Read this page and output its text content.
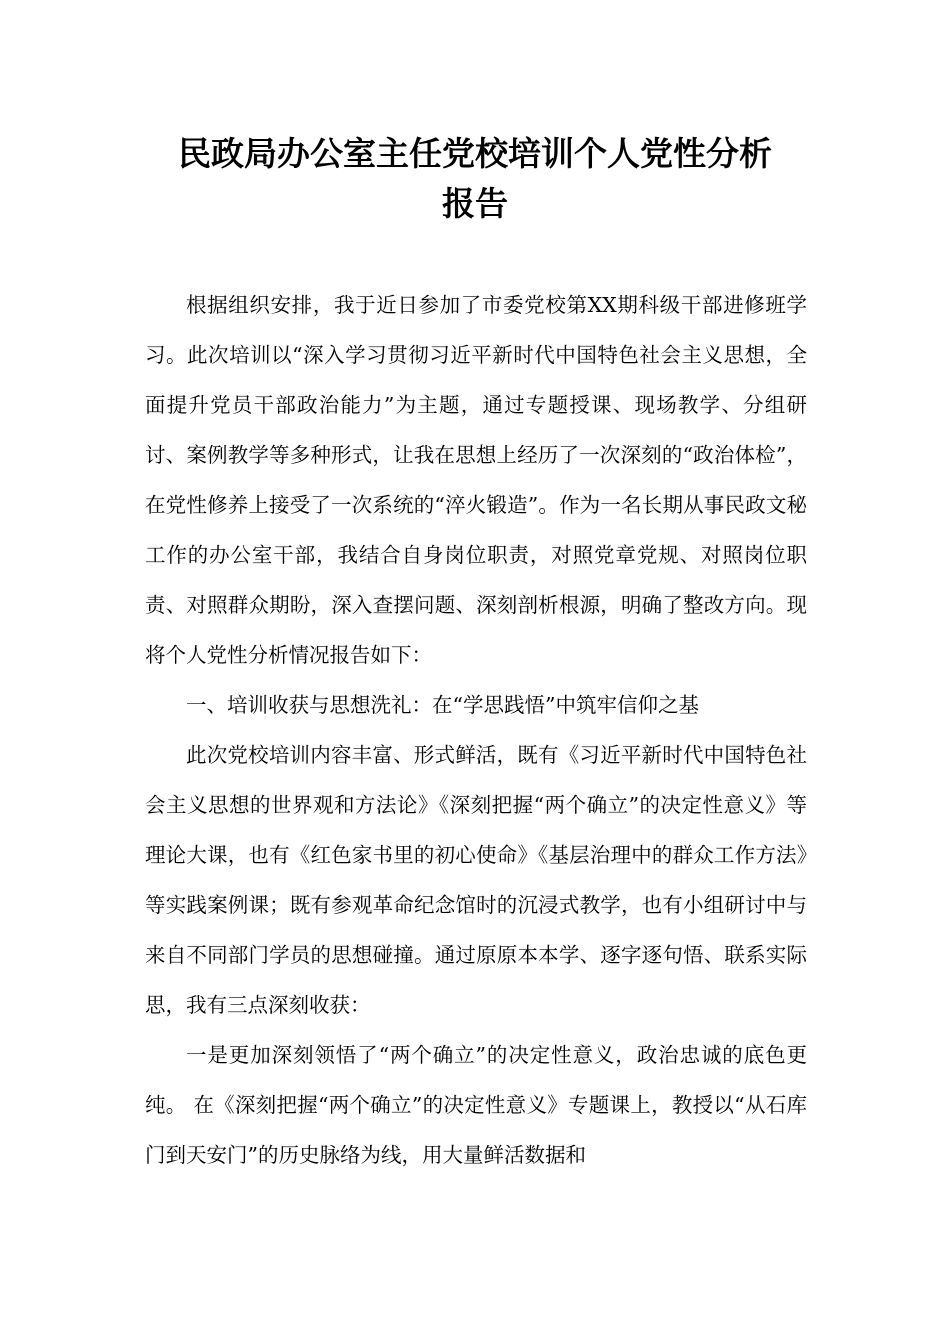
民政局办公室主任党校培训个人党性分析
报告

根据组织安排，我于近日参加了市委党校第XX期科级干部进修班学习。此次培训以“深入学习贯彻习近平新时代中国特色社会主义思想，全面提升党员干部政治能力”为主题，通过专题授课、现场教学、分组研讨、案例教学等多种形式，让我在思想上经历了一次深刻的“政治体检”，在党性修养上接受了一次系统的“淬火锻造”。作为一名长期从事民政文秘工作的办公室干部，我结合自身岗位职责，对照党章党规、对照岗位职责、对照群众期盼，深入查摆问题、深刻剖析根源，明确了整改方向。现将个人党性分析情况报告如下：

一、培训收获与思想洗礼：在“学思践悟”中筑牢信仰之基

此次党校培训内容丰富、形式鲜活，既有《习近平新时代中国特色社会主义思想的世界观和方法论》《深刻把握“两个确立”的决定性意义》等理论大课，也有《红色家书里的初心使命》《基层治理中的群众工作方法》等实践案例课；既有参观革命纪念馆时的沉浸式教学，也有小组研讨中与来自不同部门学员的思想碰撞。通过原原本本学、逐字逐句悟、联系实际思，我有三点深刻收获：

一是更加深刻领悟了“两个确立”的决定性意义，政治忠诚的底色更纯。 在《深刻把握“两个确立”的决定性意义》专题课上，教授以“从石库门到天安门”的历史脉络为线，用大量鲜活数据和
